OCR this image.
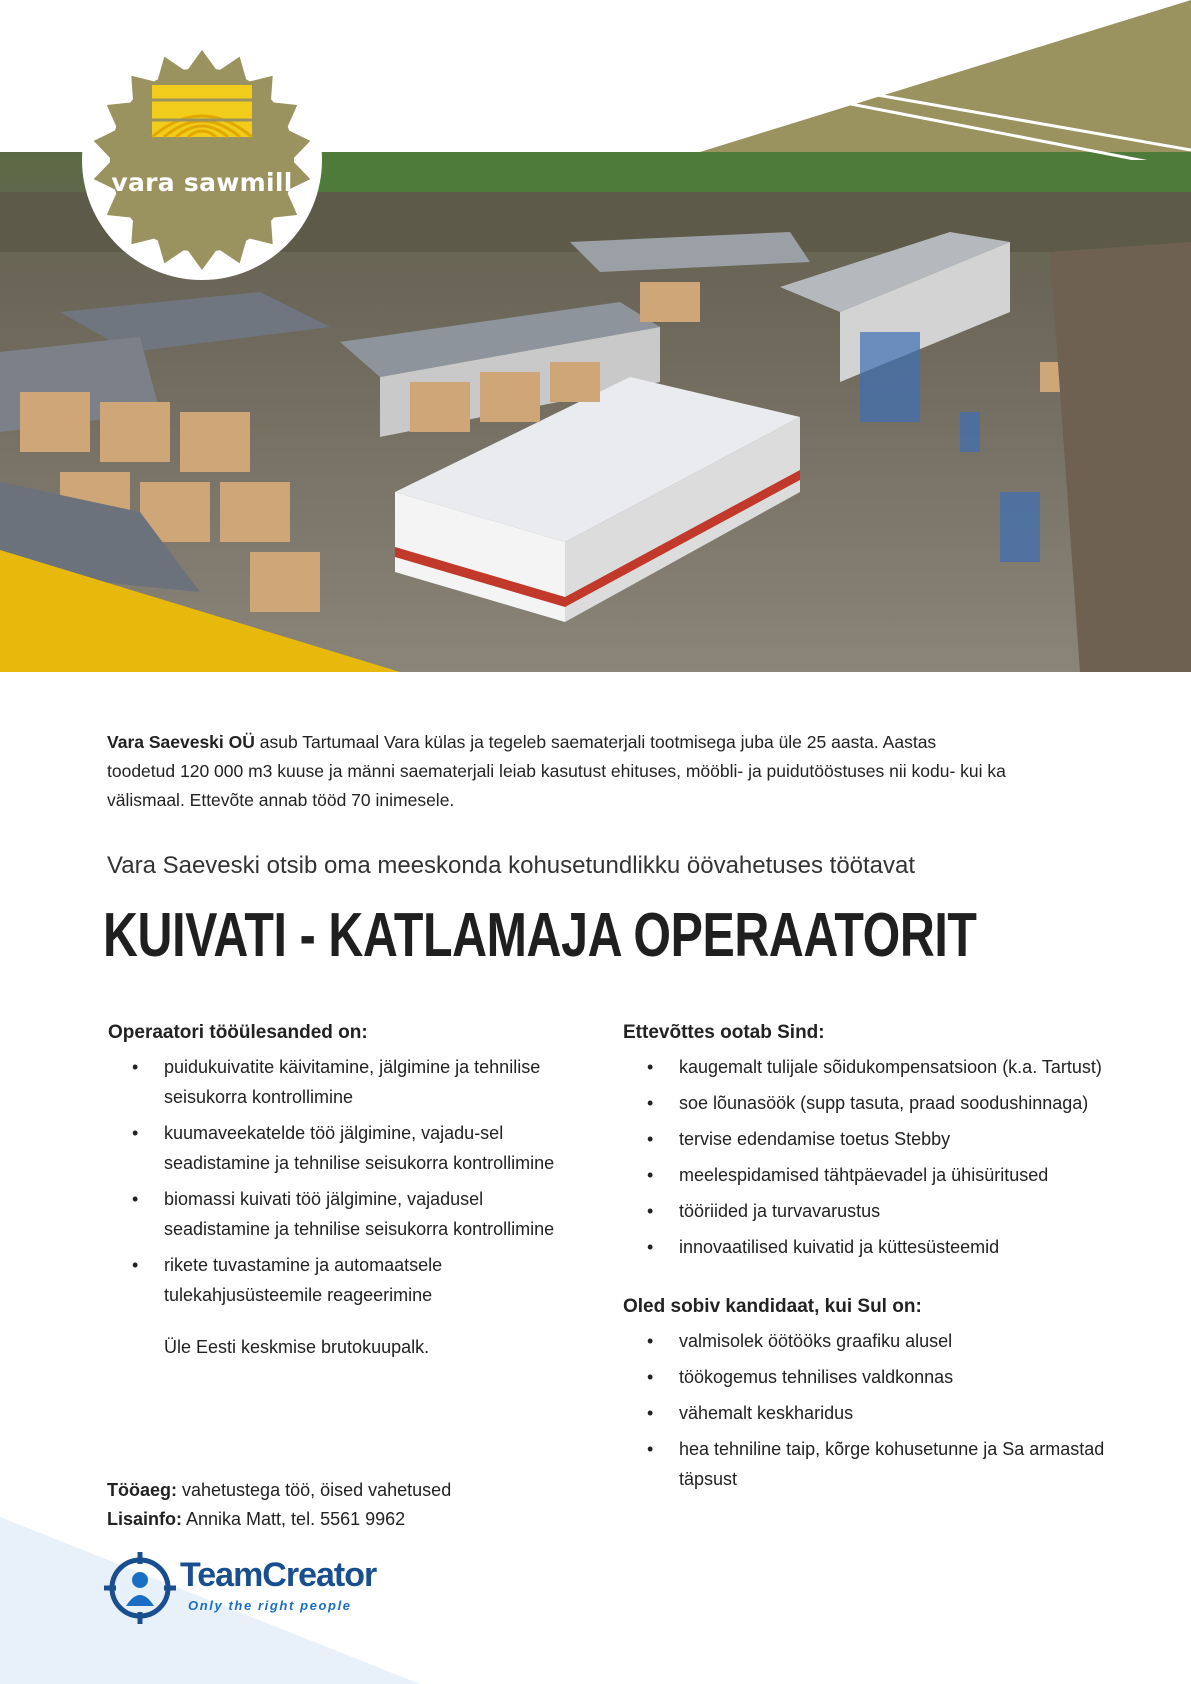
vara sawmill
Vara Saeveski OÜ asub Tartumaal Vara külas ja tegeleb saematerjali tootmisega juba üle 25 aasta. Aastas toodetud 120 000 m3 kuuse ja männi saematerjali leiab kasutust ehituses, mööbli- ja puidutööstuses nii kodu- kui ka välismaal. Ettevõte annab tööd 70 inimesele.
Vara Saeveski otsib oma meeskonda kohusetundlikku öövahetuses töötavat
KUIVATI - KATLAMAJA OPERAATORIT
Operaatori tööülesanded on:
• puidukuivatite käivitamine, jälgimine ja tehnilise seisukorra kontrollimine
• kuumaveekatelde töö jälgimine, vajadu-sel seadistamine ja tehnilise seisukorra kontrollimine
• biomassi kuivati töö jälgimine, vajadusel seadistamine ja tehnilise seisukorra kontrollimine
• rikete tuvastamine ja automaatsele tulekahjusüsteemile reageerimine
Üle Eesti keskmise brutokuupalk.
Ettevõttes ootab Sind:
• kaugemalt tulijale sõidukompensatsioon (k.a. Tartust)
• soe lõunasöök (supp tasuta, praad soodushinnaga)
• tervise edendamise toetus Stebby
• meelespidamised tähtpäevadel ja ühisüritused
• tööriided ja turvavarustus
• innovaatilised kuivatid ja küttesüsteemid
Oled sobiv kandidaat, kui Sul on:
• valmisolek öötööks graafiku alusel
• töökogemus tehnilises valdkonnas
• vähemalt keskharidus
• hea tehniline taip, kõrge kohusetunne ja Sa armastad täpsust
Tööaeg: vahetustega töö, öised vahetused
Lisainfo: Annika Matt, tel. 5561 9962
TeamCreator
Only the right people
